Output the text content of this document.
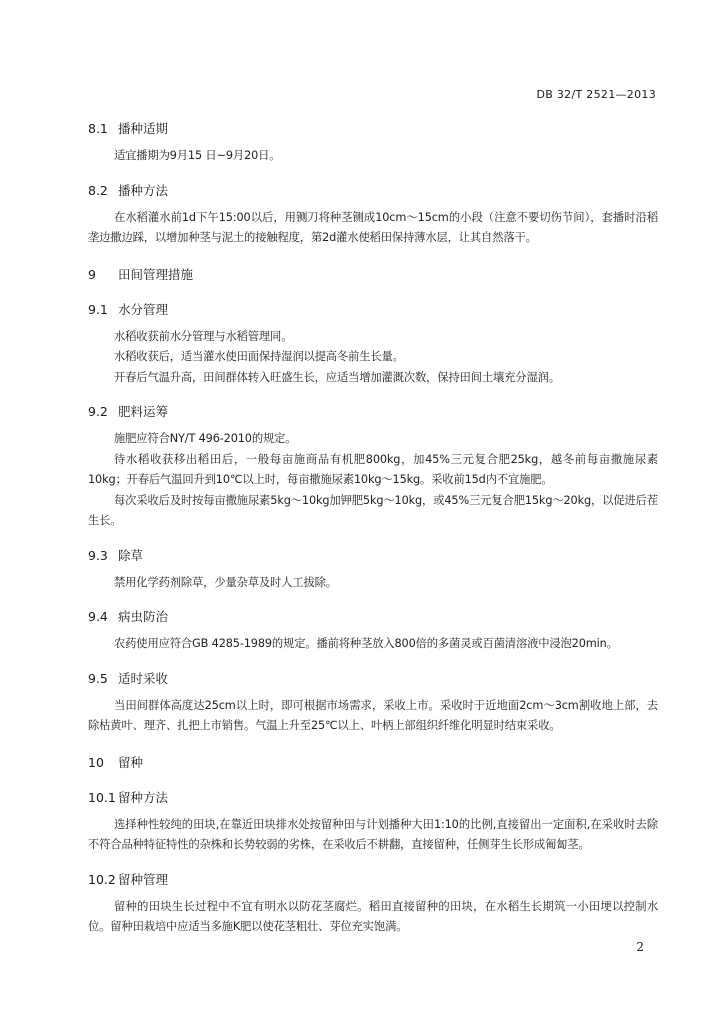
DB 32/T 2521—2013
8.1 播种适期

适宜播期为9月15 日~9月20日。

8.2 播种方法

在水稻灌水前1d下午15:00以后，用铡刀将种茎铡成10cm～15cm的小段（注意不要切伤节间），套播时沿稻垄边撒边踩，以增加种茎与泥土的接触程度，第2d灌水使稻田保持薄水层，让其自然落干。

9 田间管理措施
9.1 水分管理

水稻收获前水分管理与水稻管理同。

水稻收获后，适当灌水使田面保持湿润以提高冬前生长量。

开春后气温升高，田间群体转入旺盛生长，应适当增加灌溉次数，保持田间土壤充分湿润。

9.2 肥料运筹

施肥应符合NY/T 496-2010的规定。

待水稻收获移出稻田后，一般每亩施商品有机肥800kg，加45%三元复合肥25kg，越冬前每亩撒施尿素10kg；开春后气温回升到10℃以上时，每亩撒施尿素10kg～15kg。采收前15d内不宜施肥。

每次采收后及时按每亩撒施尿素5kg～10kg加钾肥5kg～10kg，或45%三元复合肥15kg～20kg，以促进后茬生长。

9.3 除草

禁用化学药剂除草，少量杂草及时人工拔除。

9.4 病虫防治

农药使用应符合GB 4285-1989的规定。播前将种茎放入800倍的多菌灵或百菌清溶液中浸泡20min。

9.5 适时采收

当田间群体高度达25cm以上时，即可根据市场需求，采收上市。采收时于近地面2cm～3cm割收地上部，去除枯黄叶、理齐、扎把上市销售。气温上升至25℃以上、叶柄上部组织纤维化明显时结束采收。

10 留种
10.1 留种方法

选择种性较纯的田块,在靠近田块排水处按留种田与计划播种大田1:10的比例,直接留出一定面积,在采收时去除不符合品种特征特性的杂株和长势较弱的劣株，在采收后不耕翻，直接留种，任侧芽生长形成匍匐茎。

10.2 留种管理

留种的田块生长过程中不宜有明水以防花茎腐烂。稻田直接留种的田块，在水稻生长期筑一小田埂以控制水位。留种田栽培中应适当多施K肥以使花茎粗壮、芽位充实饱满。

2
